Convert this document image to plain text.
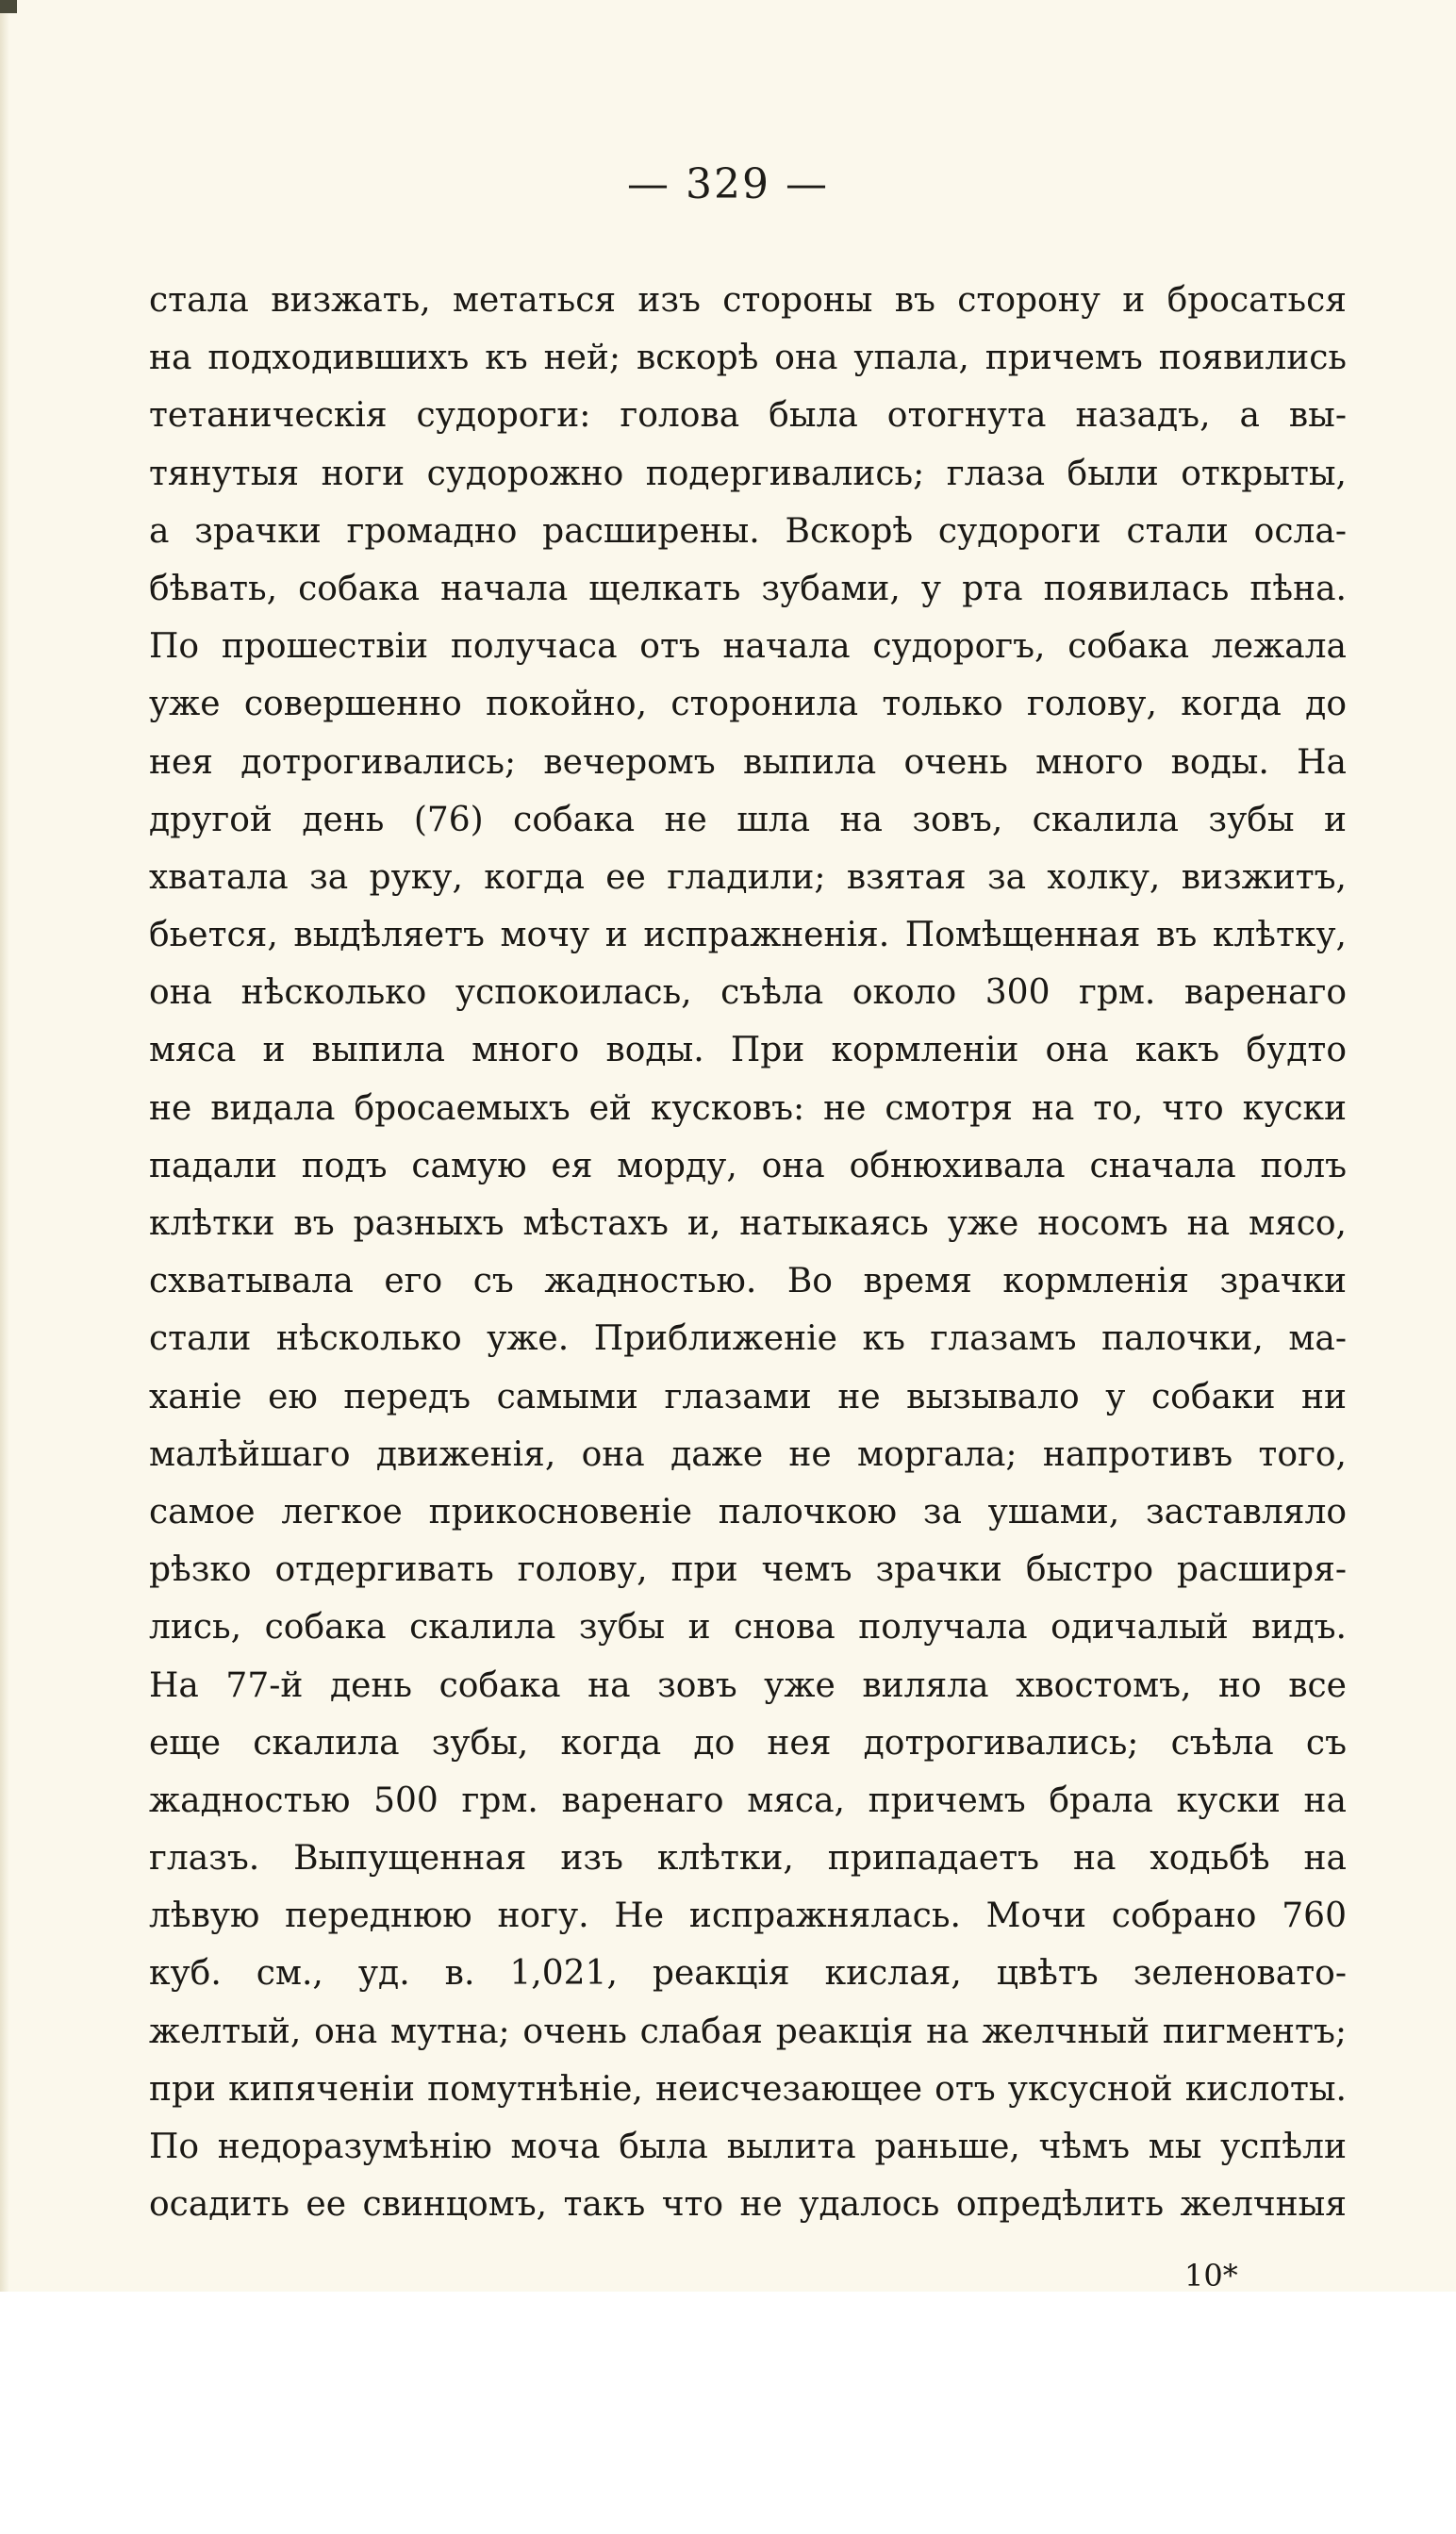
— 329 —
стала визжать, метаться изъ стороны въ сторону и бросаться
на подходившихъ къ ней; вскорѣ она упала, причемъ появились
тетаническія судороги: голова была отогнута назадъ, а вы-
тянутыя ноги судорожно подергивались; глаза были открыты,
а зрачки громадно расширены. Вскорѣ судороги стали осла-
бѣвать, собака начала щелкать зубами, у рта появилась пѣна.
По прошествіи получаса отъ начала судорогъ, собака лежала
уже совершенно покойно, сторонила только голову, когда до
нея дотрогивались; вечеромъ выпила очень много воды. На
другой день (76) собака не шла на зовъ, скалила зубы и
хватала за руку, когда ее гладили; взятая за холку, визжитъ,
бьется, выдѣляетъ мочу и испражненія. Помѣщенная въ клѣтку,
она нѣсколько успокоилась, съѣла около 300 грм. варенаго
мяса и выпила много воды. При кормленіи она какъ будто
не видала бросаемыхъ ей кусковъ: не смотря на то, что куски
падали подъ самую ея морду, она обнюхивала сначала полъ
клѣтки въ разныхъ мѣстахъ и, натыкаясь уже носомъ на мясо,
схватывала его съ жадностью. Во время кормленія зрачки
стали нѣсколько уже. Приближеніе къ глазамъ палочки, ма-
ханіе ею передъ самыми глазами не вызывало у собаки ни
малѣйшаго движенія, она даже не моргала; напротивъ того,
самое легкое прикосновеніе палочкою за ушами, заставляло
рѣзко отдергивать голову, при чемъ зрачки быстро расширя-
лись, собака скалила зубы и снова получала одичалый видъ.
На 77-й день собака на зовъ уже виляла хвостомъ, но все
еще скалила зубы, когда до нея дотрогивались; съѣла съ
жадностью 500 грм. варенаго мяса, причемъ брала куски на
глазъ. Выпущенная изъ клѣтки, припадаетъ на ходьбѣ на
лѣвую переднюю ногу. Не испражнялась. Мочи собрано 760
куб. см., уд. в. 1,021, реакція кислая, цвѣтъ зеленовато-
желтый, она мутна; очень слабая реакція на желчный пигментъ;
при кипяченіи помутнѣніе, неисчезающее отъ уксусной кислоты.
По недоразумѣнію моча была вылита раньше, чѣмъ мы успѣли
осадить ее свинцомъ, такъ что не удалось опредѣлить желчныя
10*
